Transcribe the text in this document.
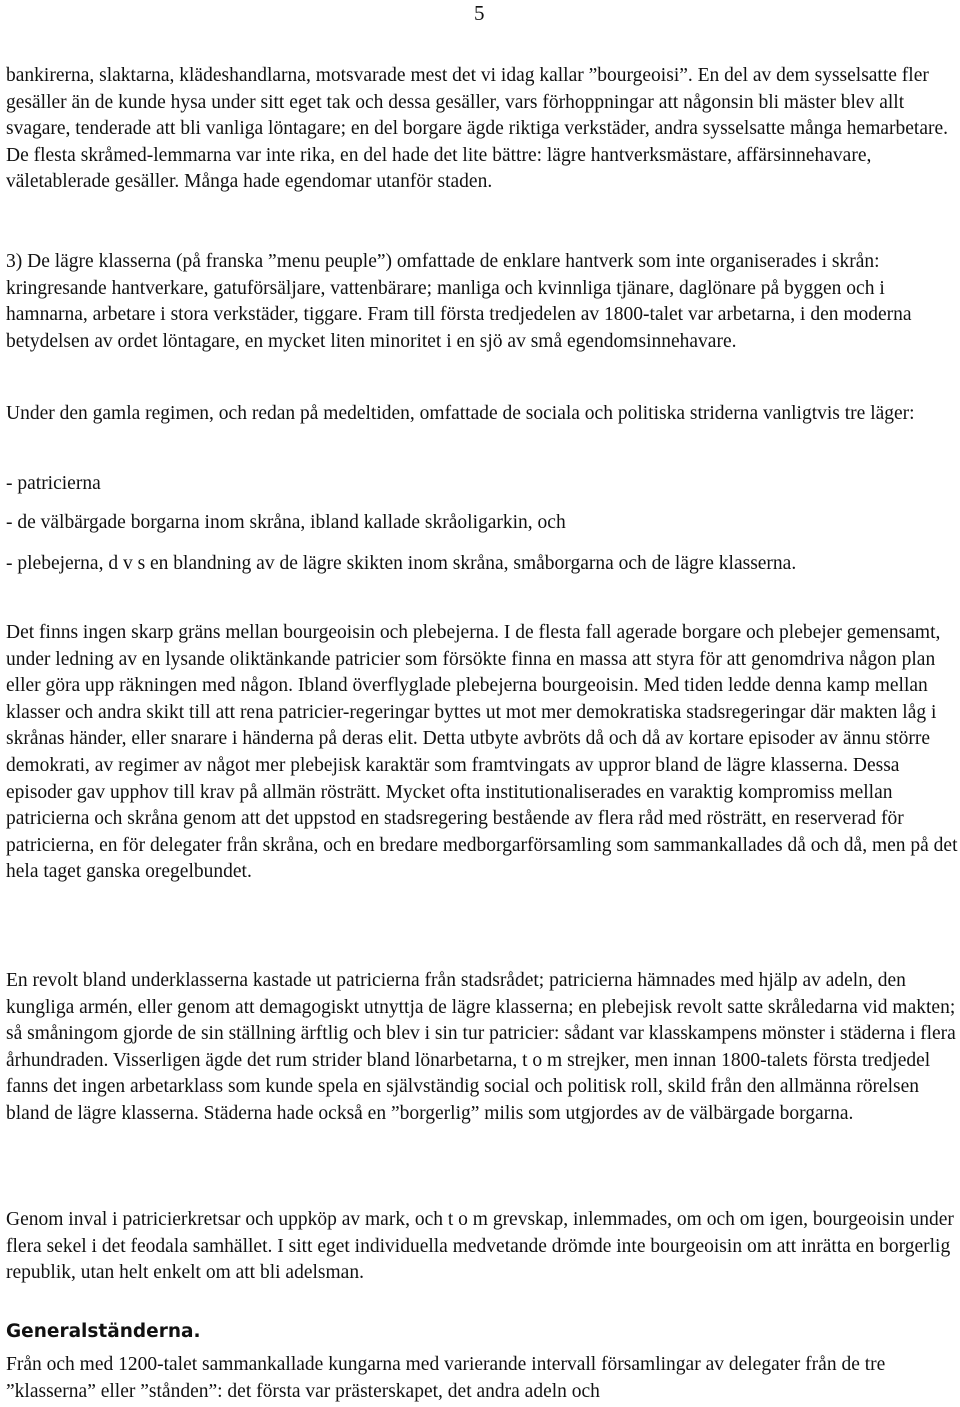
5

bankirerna, slaktarna, klädeshandlarna, motsvarade mest det vi idag kallar ”bourgeoisi”. En del av dem sysselsatte fler gesäller än de kunde hysa under sitt eget tak och dessa gesäller, vars förhoppningar att någonsin bli mäster blev allt svagare, tenderade att bli vanliga löntagare; en del borgare ägde riktiga verkstäder, andra sysselsatte många hemarbetare. De flesta skråmed-lemmarna var inte rika, en del hade det lite bättre: lägre hantverksmästare, affärsinnehavare, väletablerade gesäller. Många hade egendomar utanför staden.

3) De lägre klasserna (på franska ”menu peuple”) omfattade de enklare hantverk som inte organiserades i skrån: kringresande hantverkare, gatuförsäljare, vattenbärare; manliga och kvinnliga tjänare, daglönare på byggen och i hamnarna, arbetare i stora verkstäder, tiggare. Fram till första tredjedelen av 1800-talet var arbetarna, i den moderna betydelsen av ordet löntagare, en mycket liten minoritet i en sjö av små egendomsinnehavare.

Under den gamla regimen, och redan på medeltiden, omfattade de sociala och politiska striderna vanligtvis tre läger:

- patricierna

- de välbärgade borgarna inom skråna, ibland kallade skråoligarkin, och

- plebejerna, d v s en blandning av de lägre skikten inom skråna, småborgarna och de lägre klasserna.

Det finns ingen skarp gräns mellan bourgeoisin och plebejerna. I de flesta fall agerade borgare och plebejer gemensamt, under ledning av en lysande oliktänkande patricier som försökte finna en massa att styra för att genomdriva någon plan eller göra upp räkningen med någon. Ibland överflyglade plebejerna bourgeoisin. Med tiden ledde denna kamp mellan klasser och andra skikt till att rena patricier-regeringar byttes ut mot mer demokratiska stadsregeringar där makten låg i skrånas händer, eller snarare i händerna på deras elit. Detta utbyte avbröts då och då av kortare episoder av ännu större demokrati, av regimer av något mer plebejisk karaktär som framtvingats av uppror bland de lägre klasserna. Dessa episoder gav upphov till krav på allmän rösträtt. Mycket ofta institutionaliserades en varaktig kompromiss mellan patricierna och skråna genom att det uppstod en stadsregering bestående av flera råd med rösträtt, en reserverad för patricierna, en för delegater från skråna, och en bredare medborgarförsamling som sammankallades då och då, men på det hela taget ganska oregelbundet.

En revolt bland underklasserna kastade ut patricierna från stadsrådet; patricierna hämnades med hjälp av adeln, den kungliga armén, eller genom att demagogiskt utnyttja de lägre klasserna; en plebejisk revolt satte skråledarna vid makten; så småningom gjorde de sin ställning ärftlig och blev i sin tur patricier: sådant var klasskampens mönster i städerna i flera århundraden. Visserligen ägde det rum strider bland lönarbetarna, t o m strejker, men innan 1800-talets första tredjedel fanns det ingen arbetarklass som kunde spela en självständig social och politisk roll, skild från den allmänna rörelsen bland de lägre klasserna. Städerna hade också en ”borgerlig” milis som utgjordes av de välbärgade borgarna.

Genom inval i patricierkretsar och uppköp av mark, och t o m grevskap, inlemmades, om och om igen, bourgeoisin under flera sekel i det feodala samhället. I sitt eget individuella medvetande drömde inte bourgeoisin om att inrätta en borgerlig republik, utan helt enkelt om att bli adelsman.

Generalständerna.

Från och med 1200-talet sammankallade kungarna med varierande intervall församlingar av delegater från de tre ”klasserna” eller ”stånden”: det första var prästerskapet, det andra adeln och
